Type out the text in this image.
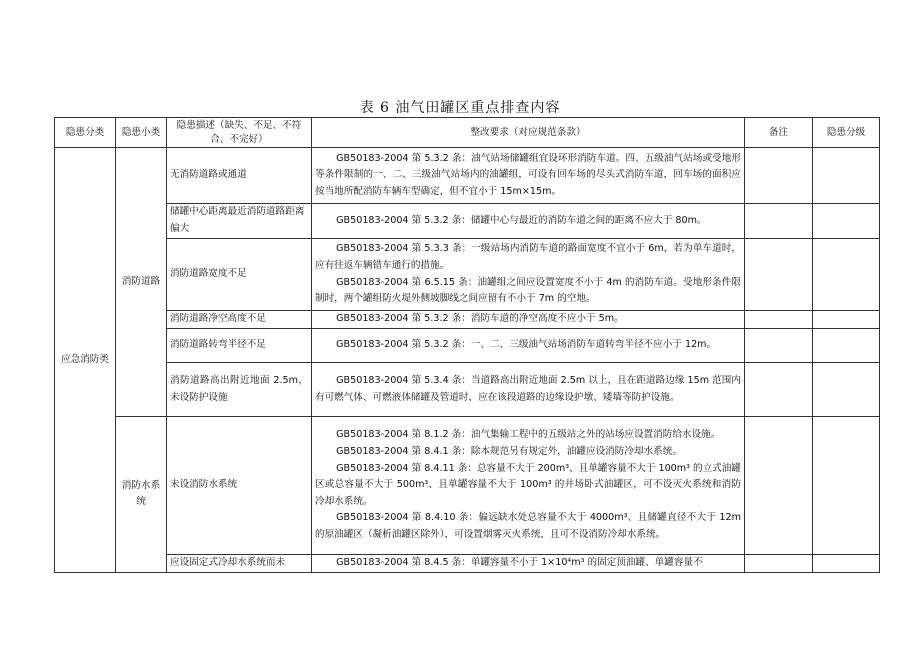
表 6 油气田罐区重点排查内容
隐患分类	隐患小类	隐患描述（缺失、不足、不符合、不完好）	整改要求（对应规范条款）	备注	隐患分级
应急消防类	消防道路	无消防道路或通道	GB50183-2004 第 5.3.2 条：油气站场储罐组宜设环形消防车道。四、五级油气站场或受地形等条件限制的一、二、三级油气站场内的油罐组，可设有回车场的尽头式消防车道，回车场的面积应按当地所配消防车辆车型确定，但不宜小于 15m×15m。		

		储罐中心距离最近消防道路距离偏大	GB50183-2004 第 5.3.2 条：储罐中心与最近的消防车道之间的距离不应大于 80m。		

		消防道路宽度不足	GB50183-2004 第 5.3.3 条：一级站场内消防车道的路面宽度不宜小于 6m，若为单车道时，应有往返车辆错车通行的措施。

GB50183-2004 第 6.5.15 条：油罐组之间应设置宽度不小于 4m 的消防车道。受地形条件限制时，两个罐组防火堤外侧坡脚线之间应留有不小于 7m 的空地。		

		消防道路净空高度不足	GB50183-2004 第 5.3.2 条：消防车道的净空高度不应小于 5m。		

		消防道路转弯半径不足	GB50183-2004 第 5.3.2 条：一、二、三级油气站场消防车道转弯半径不应小于 12m。		

		消防道路高出附近地面 2.5m，未设防护设施	GB50183-2004 第 5.3.4 条：当道路高出附近地面 2.5m 以上，且在距道路边缘 15m 范围内有可燃气体、可燃液体储罐及管道时，应在该段道路的边缘设护墩、矮墙等防护设施。		

	消防水系统	未设消防水系统	GB50183-2004 第 8.1.2 条：油气集输工程中的五级站之外的站场应设置消防给水设施。

GB50183-2004 第 8.4.1 条：除本规范另有规定外，油罐应设消防冷却水系统。

GB50183-2004 第 8.4.11 条：总容量不大于 200m³、且单罐容量不大于 100m³ 的立式油罐区或总容量不大于 500m³、且单罐容量不大于 100m³ 的井场卧式油罐区，可不设灭火系统和消防冷却水系统。

GB50183-2004 第 8.4.10 条：偏远缺水处总容量不大于 4000m³、且储罐直径不大于 12m 的原油罐区（凝析油罐区除外），可设置烟雾灭火系统，且可不设消防冷却水系统。		

		应设固定式冷却水系统而未	GB50183-2004 第 8.4.5 条：单罐容量不小于 1×10⁴m³ 的固定顶油罐、单罐容量不		
